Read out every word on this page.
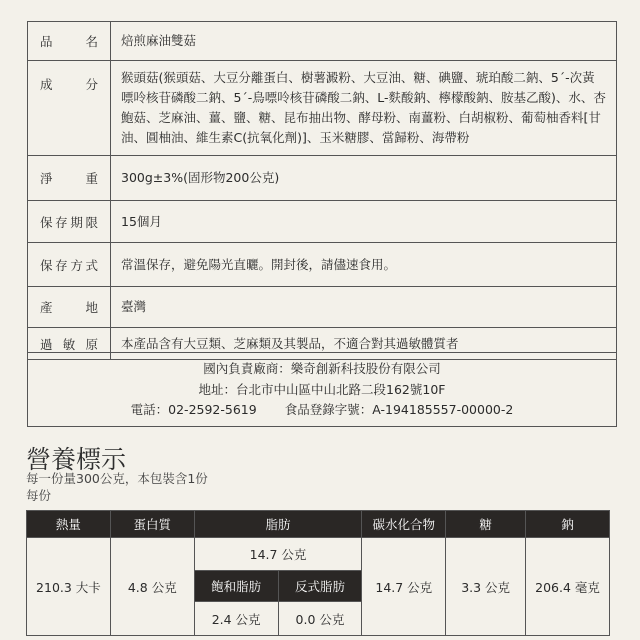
品名	焙煎麻油雙菇
成分	猴頭菇(猴頭菇、大豆分離蛋白、樹薯澱粉、大豆油、糖、碘鹽、琥珀酸二鈉、5´-次黃嘌呤核苷磷酸二鈉、5´-鳥嘌呤核苷磷酸二鈉、L-麩酸鈉、檸檬酸鈉、胺基乙酸)、水、杏鮑菇、芝麻油、薑、鹽、糖、昆布抽出物、酵母粉、南薑粉、白胡椒粉、葡萄柚香料[甘油、圓柚油、維生素C(抗氧化劑)]、玉米糖膠、當歸粉、海帶粉
淨重	300g±3%(固形物200公克)
保存期限	15個月
保存方式	常溫保存，避免陽光直曬。開封後，請儘速食用。
產地	臺灣
過敏原	本產品含有大豆類、芝麻類及其製品，不適合對其過敏體質者
國內負責廠商：樂奇創新科技股份有限公司
地址：台北市中山區中山北路二段162號10F
電話：02-2592-5619 食品登錄字號：A-194185557-00000-2
營養標示
每一份量300公克，本包裝含1份
每份
熱量	蛋白質	脂肪		碳水化合物	糖	鈉
210.3 大卡	4.8 公克	14.7 公克		14.7 公克	3.3 公克	206.4 毫克
		飽和脂肪	反式脂肪			
		2.4 公克	0.0 公克			
